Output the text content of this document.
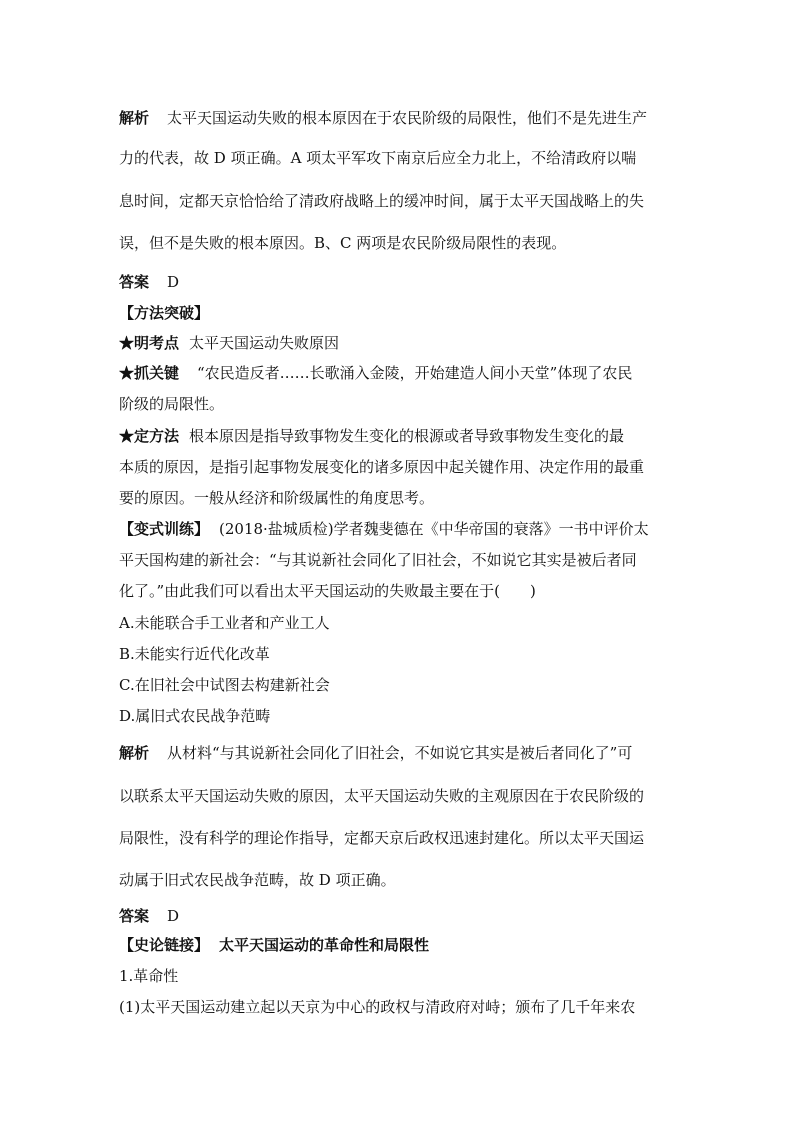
解析 太平天国运动失败的根本原因在于农民阶级的局限性，他们不是先进生产
力的代表，故 D 项正确。A 项太平军攻下南京后应全力北上，不给清政府以喘
息时间，定都天京恰恰给了清政府战略上的缓冲时间，属于太平天国战略上的失
误，但不是失败的根本原因。B、C 两项是农民阶级局限性的表现。
答案 D
【方法突破】
★明考点 太平天国运动失败原因
★抓关键 “农民造反者……长歌涌入金陵，开始建造人间小天堂”体现了农民
阶级的局限性。
★定方法 根本原因是指导致事物发生变化的根源或者导致事物发生变化的最
本质的原因，是指引起事物发展变化的诸多原因中起关键作用、决定作用的最重
要的原因。一般从经济和阶级属性的角度思考。
【变式训练】 (2018·盐城质检)学者魏斐德在《中华帝国的衰落》一书中评价太
平天国构建的新社会：“与其说新社会同化了旧社会，不如说它其实是被后者同
化了。”由此我们可以看出太平天国运动的失败最主要在于(　　)
A.未能联合手工业者和产业工人
B.未能实行近代化改革
C.在旧社会中试图去构建新社会
D.属旧式农民战争范畴
解析 从材料“与其说新社会同化了旧社会，不如说它其实是被后者同化了”可
以联系太平天国运动失败的原因，太平天国运动失败的主观原因在于农民阶级的
局限性，没有科学的理论作指导，定都天京后政权迅速封建化。所以太平天国运
动属于旧式农民战争范畴，故 D 项正确。
答案 D
【史论链接】 太平天国运动的革命性和局限性
1.革命性
(1)太平天国运动建立起以天京为中心的政权与清政府对峙；颁布了几千年来农
